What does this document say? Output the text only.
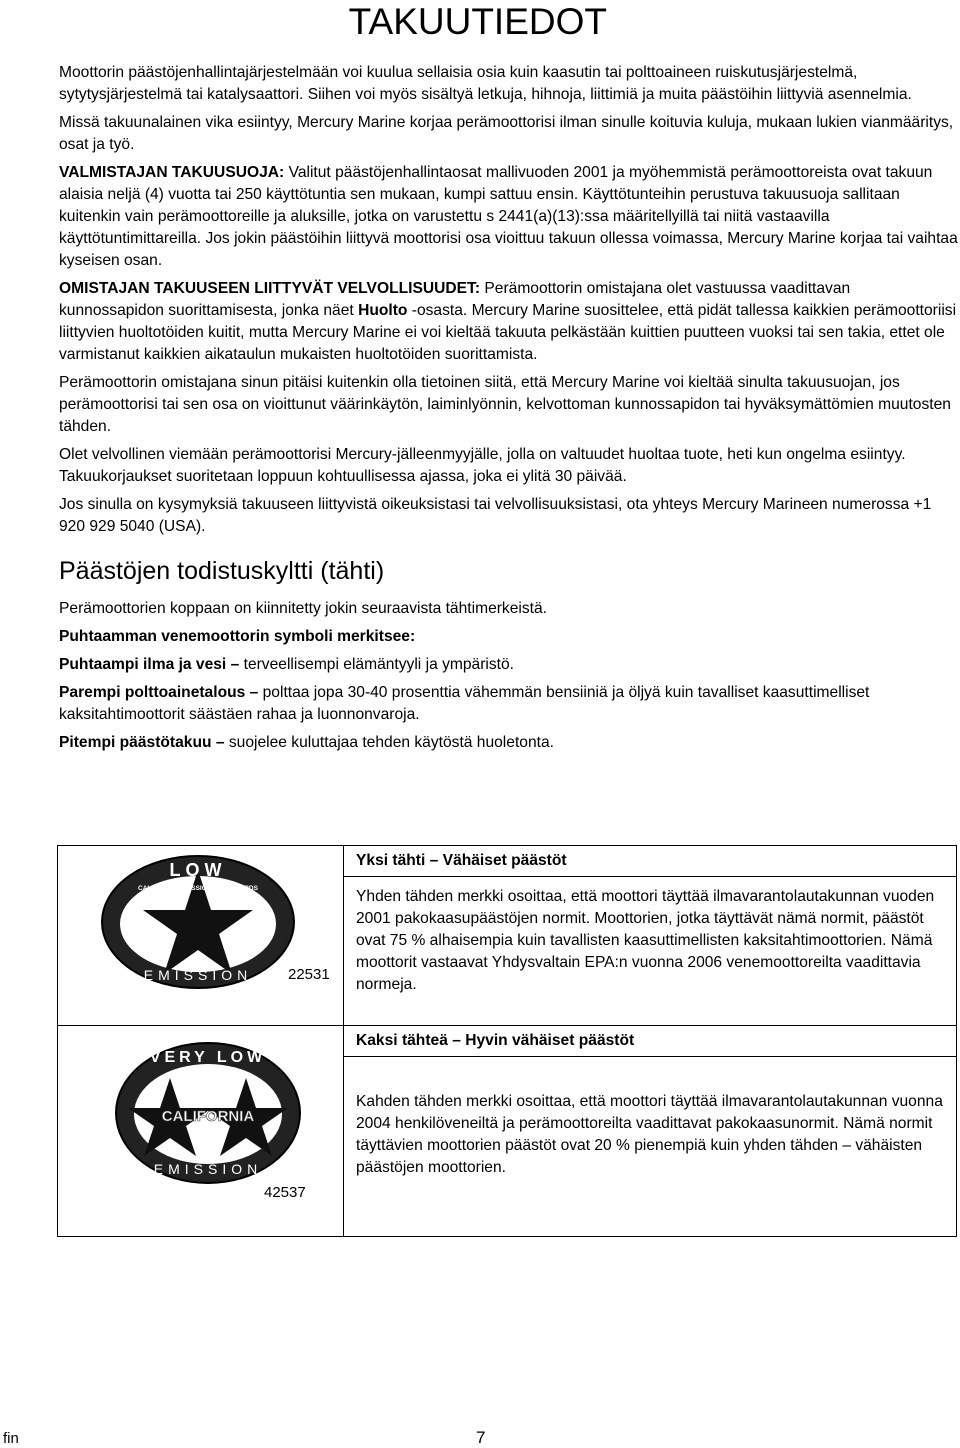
TAKUUTIEDOT

Moottorin päästöjenhallintajärjestelmään voi kuulua sellaisia osia kuin kaasutin tai polttoaineen ruiskutusjärjestelmä, sytytysjärjestelmä tai katalysaattori. Siihen voi myös sisältyä letkuja, hihnoja, liittimiä ja muita päästöihin liittyviä asennelmia.

Missä takuunalainen vika esiintyy, Mercury Marine korjaa perämoottorisi ilman sinulle koituvia kuluja, mukaan lukien vianmääritys, osat ja työ.

VALMISTAJAN TAKUUSUOJA: Valitut päästöjenhallintaosat mallivuoden 2001 ja myöhemmistä perämoottoreista ovat takuun alaisia neljä (4) vuotta tai 250 käyttötuntia sen mukaan, kumpi sattuu ensin. Käyttötunteihin perustuva takuusuoja sallitaan kuitenkin vain perämoottoreille ja aluksille, jotka on varustettu s 2441(a)(13):ssa määritellyillä tai niitä vastaavilla käyttötuntimittareilla. Jos jokin päästöihin liittyvä moottorisi osa vioittuu takuun ollessa voimassa, Mercury Marine korjaa tai vaihtaa kyseisen osan.

OMISTAJAN TAKUUSEEN LIITTYVÄT VELVOLLISUUDET: Perämoottorin omistajana olet vastuussa vaadittavan kunnossapidon suorittamisesta, jonka näet Huolto -osasta. Mercury Marine suosittelee, että pidät tallessa kaikkien perämoottoriisi liittyvien huoltotöiden kuitit, mutta Mercury Marine ei voi kieltää takuuta pelkästään kuittien puutteen vuoksi tai sen takia, ettet ole varmistanut kaikkien aikataulun mukaisten huoltotöiden suorittamista.

Perämoottorin omistajana sinun pitäisi kuitenkin olla tietoinen siitä, että Mercury Marine voi kieltää sinulta takuusuojan, jos perämoottorisi tai sen osa on vioittunut väärinkäytön, laiminlyönnin, kelvottoman kunnossapidon tai hyväksymättömien muutosten tähden.

Olet velvollinen viemään perämoottorisi Mercury‑jälleenmyyjälle, jolla on valtuudet huoltaa tuote, heti kun ongelma esiintyy. Takuukorjaukset suoritetaan loppuun kohtuullisessa ajassa, joka ei ylitä 30 päivää.

Jos sinulla on kysymyksiä takuuseen liittyvistä oikeuksistasi tai velvollisuuksistasi, ota yhteys Mercury Marineen numerossa +1 920 929 5040 (USA).

Päästöjen todistuskyltti (tähti)

Perämoottorien koppaan on kiinnitetty jokin seuraavista tähtimerkeistä.

Puhtaamman venemoottorin symboli merkitsee:

Puhtaampi ilma ja vesi – terveellisempi elämäntyyli ja ympäristö.

Parempi polttoainetalous – polttaa jopa 30-40 prosenttia vähemmän bensiiniä ja öljyä kuin tavalliset kaasuttimelliset kaksitahtimoottorit säästäen rahaa ja luonnonvaroja.

Pitempi päästötakuu – suojelee kuluttajaa tehden käytöstä huoletonta.

LOW
CALIFORNIA EMISSIONS STANDARDS
EMISSION 22531
Yksi tähti – Vähäiset päästöt
Yhden tähden merkki osoittaa, että moottori täyttää ilmavarantolautakunnan vuoden 2001 pakokaasupäästöjen normit. Moottorien, jotka täyttävät nämä normit, päästöt ovat 75 % alhaisempia kuin tavallisten kaasuttimellisten kaksitahtimoottorien. Nämä moottorit vastaavat Yhdysvaltain EPA:n vuonna 2006 venemoottoreilta vaadittavia normeja.
VERY LOW
CALIFORNIA
EMISSION
42537
Kaksi tähteä – Hyvin vähäiset päästöt
Kahden tähden merkki osoittaa, että moottori täyttää ilmavarantolautakunnan vuonna 2004 henkilöveneiltä ja perämoottoreilta vaadittavat pakokaasunormit. Nämä normit täyttävien moottorien päästöt ovat 20 % pienempiä kuin yhden tähden – vähäisten päästöjen moottorien.
fin	7
